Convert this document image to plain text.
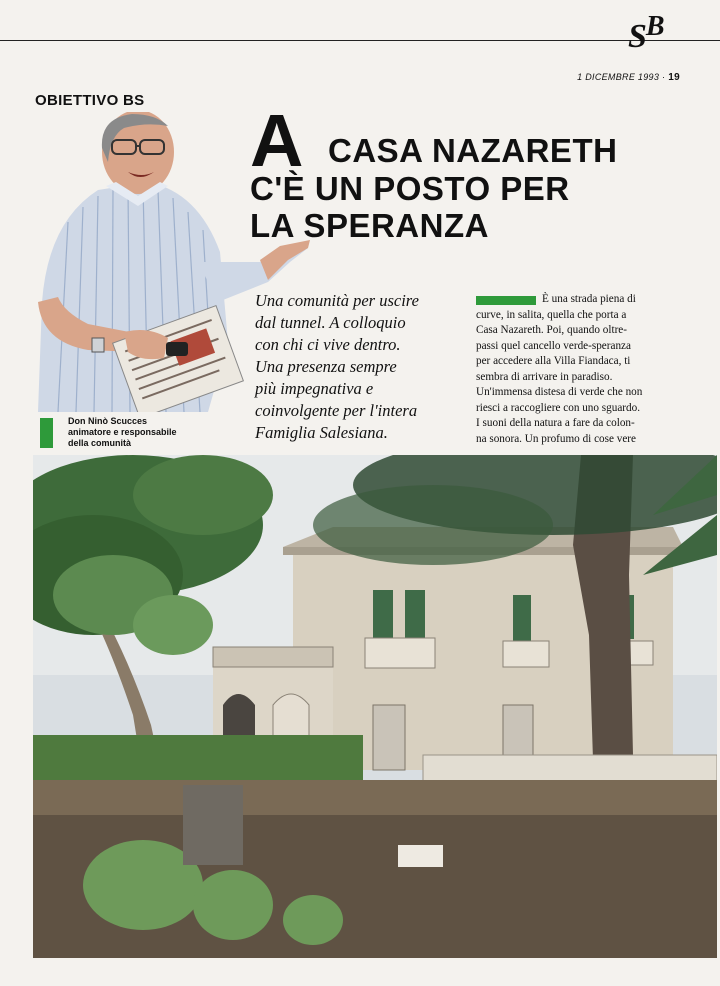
SB
1 DICEMBRE 1993 · 19
OBIETTIVO BS A CASA NAZARETH
C'È UN POSTO PER
LA SPERANZA
Don Ninò Scucces
animatore e responsabile
della comunità
Una comunità per uscire
dal tunnel. A colloquio
con chi ci vive dentro.
Una presenza sempre
più impegnativa e
coinvolgente per l'intera
Famiglia Salesiana.
È una strada piena di
curve, in salita, quella che porta a
Casa Nazareth. Poi, quando oltre-
passi quel cancello verde-speranza
per accedere alla Villa Fiandaca, ti
sembra di arrivare in paradiso.
Un'immensa distesa di verde che non
riesci a raccogliere con uno sguardo.
I suoni della natura a fare da colon-
na sonora. Un profumo di cose vere
